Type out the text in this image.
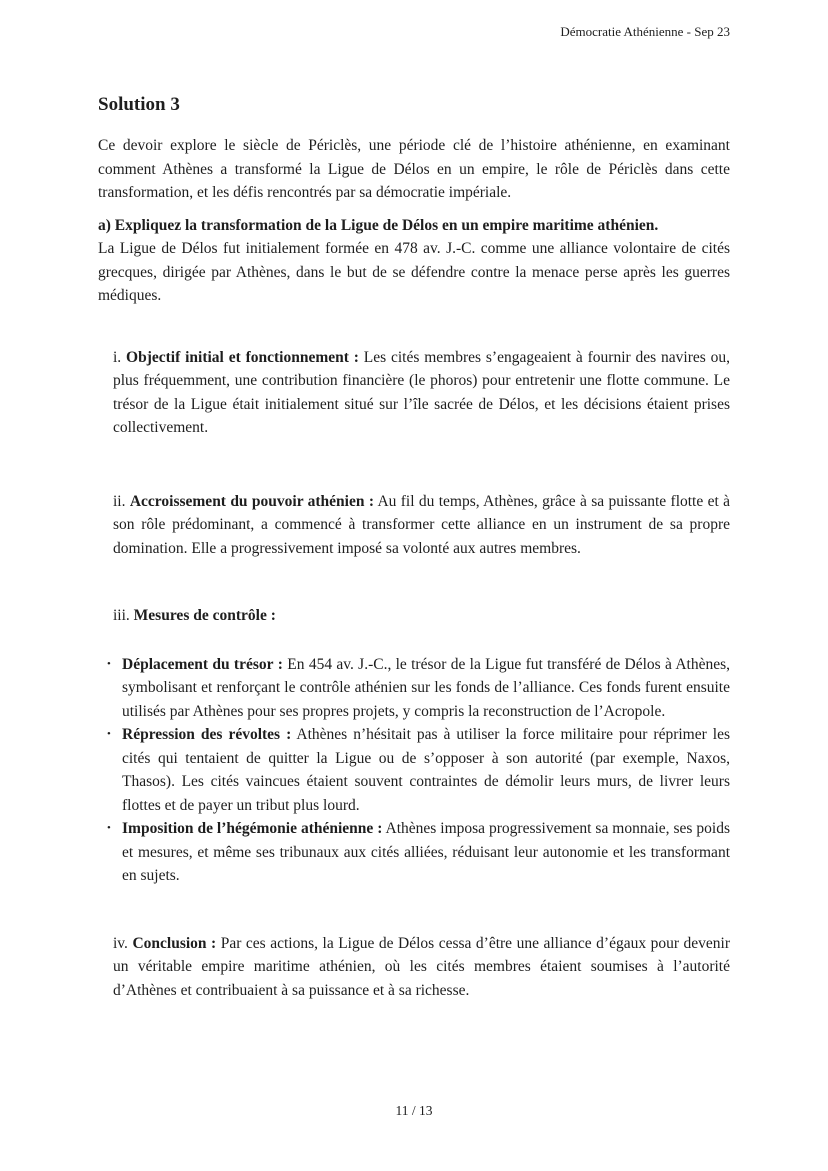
Démocratie Athénienne - Sep 23
Solution 3

Ce devoir explore le siècle de Périclès, une période clé de l’histoire athénienne, en examinant comment Athènes a transformé la Ligue de Délos en un empire, le rôle de Périclès dans cette transformation, et les défis rencontrés par sa démocratie impériale.

a) Expliquez la transformation de la Ligue de Délos en un empire maritime athénien.

La Ligue de Délos fut initialement formée en 478 av. J.-C. comme une alliance volontaire de cités grecques, dirigée par Athènes, dans le but de se défendre contre la menace perse après les guerres médiques.

i. Objectif initial et fonctionnement : Les cités membres s’engageaient à fournir des navires ou, plus fréquemment, une contribution financière (le phoros) pour entretenir une flotte commune. Le trésor de la Ligue était initialement situé sur l’île sacrée de Délos, et les décisions étaient prises collectivement.

ii. Accroissement du pouvoir athénien : Au fil du temps, Athènes, grâce à sa puissante flotte et à son rôle prédominant, a commencé à transformer cette alliance en un instrument de sa propre domination. Elle a progressivement imposé sa volonté aux autres membres.

iii. Mesures de contrôle :

• Déplacement du trésor : En 454 av. J.-C., le trésor de la Ligue fut transféré de Délos à Athènes, symbolisant et renforçant le contrôle athénien sur les fonds de l’alliance. Ces fonds furent ensuite utilisés par Athènes pour ses propres projets, y compris la reconstruction de l’Acropole.

• Répression des révoltes : Athènes n’hésitait pas à utiliser la force militaire pour réprimer les cités qui tentaient de quitter la Ligue ou de s’opposer à son autorité (par exemple, Naxos, Thasos). Les cités vaincues étaient souvent contraintes de démolir leurs murs, de livrer leurs flottes et de payer un tribut plus lourd.

• Imposition de l’hégémonie athénienne : Athènes imposa progressivement sa monnaie, ses poids et mesures, et même ses tribunaux aux cités alliées, réduisant leur autonomie et les transformant en sujets.

iv. Conclusion : Par ces actions, la Ligue de Délos cessa d’être une alliance d’égaux pour devenir un véritable empire maritime athénien, où les cités membres étaient soumises à l’autorité d’Athènes et contribuaient à sa puissance et à sa richesse.

11 / 13
